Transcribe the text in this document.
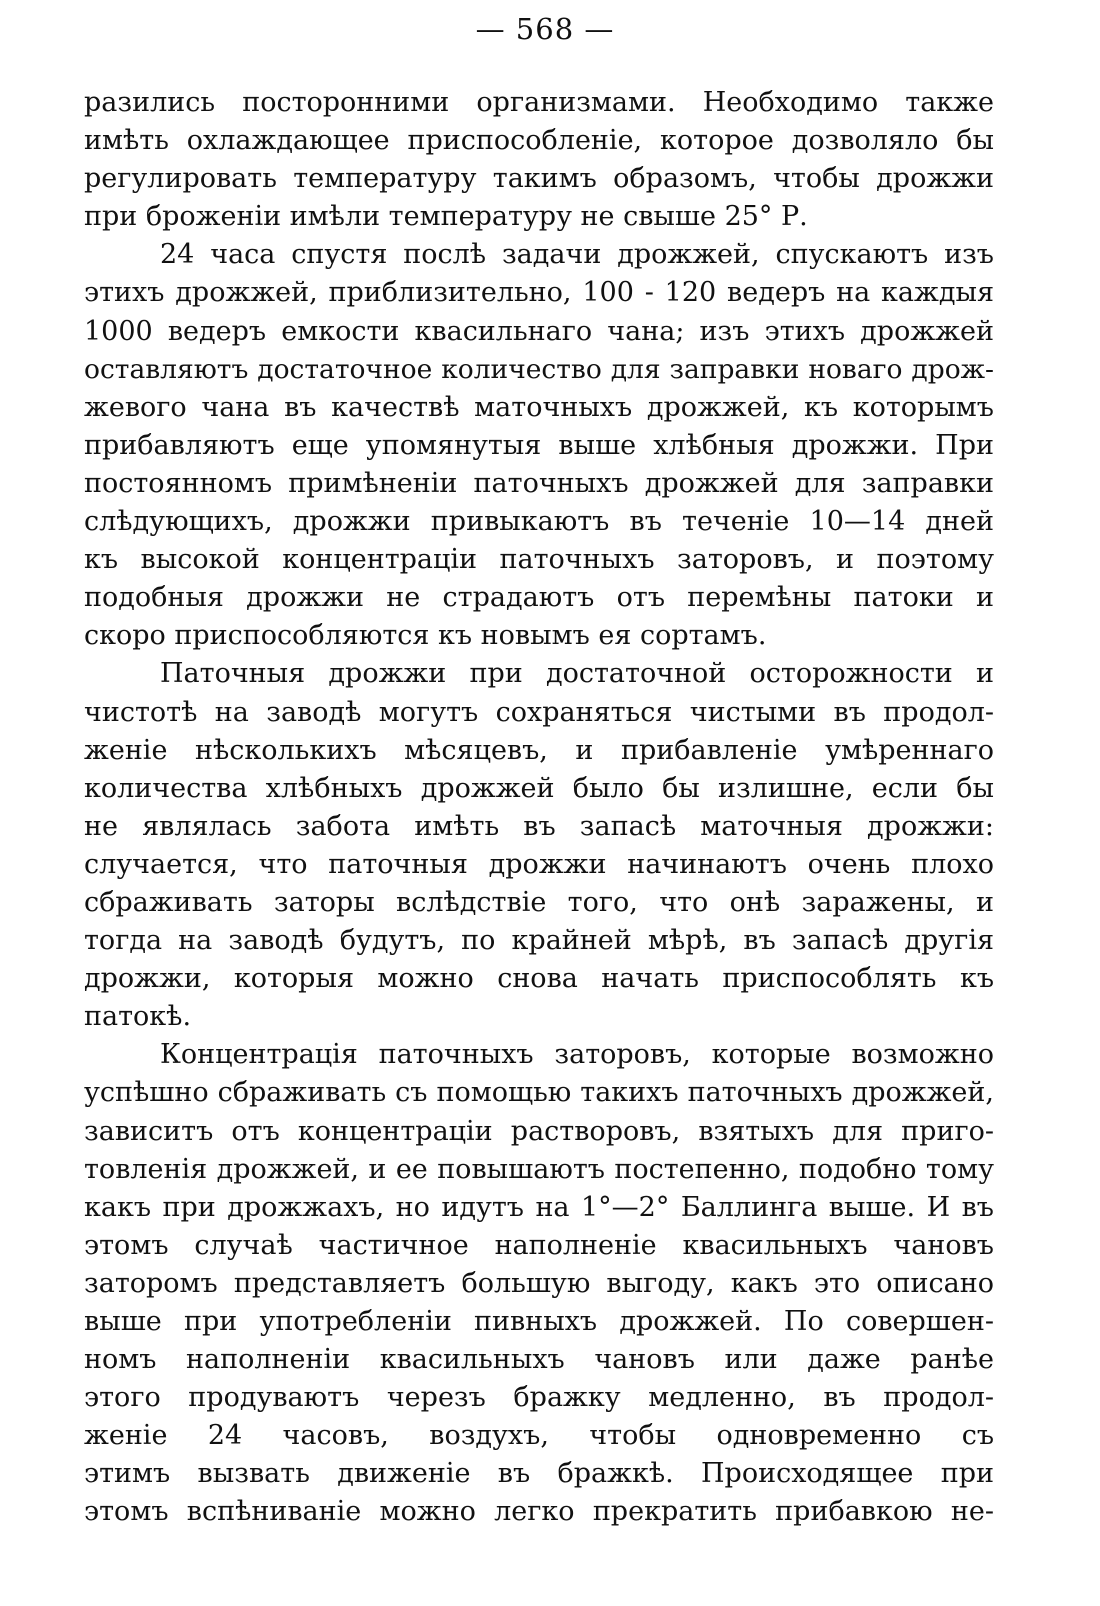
— 568 —
разились посторонними организмами. Необходимо также
имѣть охлаждающее приспособленіе, которое дозволяло бы
регулировать температуру такимъ образомъ, чтобы дрожжи
при броженіи имѣли температуру не свыше 25° Р.
24 часа спустя послѣ задачи дрожжей, спускаютъ изъ
этихъ дрожжей, приблизительно, 100 - 120 ведеръ на каждыя
1000 ведеръ емкости квасильнаго чана; изъ этихъ дрожжей
оставляютъ достаточное количество для заправки новаго дрож-
жевого чана въ качествѣ маточныхъ дрожжей, къ которымъ
прибавляютъ еще упомянутыя выше хлѣбныя дрожжи. При
постоянномъ примѣненіи паточныхъ дрожжей для заправки
слѣдующихъ, дрожжи привыкаютъ въ теченіе 10—14 дней
къ высокой концентраціи паточныхъ заторовъ, и поэтому
подобныя дрожжи не страдаютъ отъ перемѣны патоки и
скоро приспособляются къ новымъ ея сортамъ.
Паточныя дрожжи при достаточной осторожности и
чистотѣ на заводѣ могутъ сохраняться чистыми въ продол-
женіе нѣсколькихъ мѣсяцевъ, и прибавленіе умѣреннаго
количества хлѣбныхъ дрожжей было бы излишне, если бы
не являлась забота имѣть въ запасѣ маточныя дрожжи:
случается, что паточныя дрожжи начинаютъ очень плохо
сбраживать заторы вслѣдствіе того, что онѣ заражены, и
тогда на заводѣ будутъ, по крайней мѣрѣ, въ запасѣ другія
дрожжи, которыя можно снова начать приспособлять къ
патокѣ.
Концентрація паточныхъ заторовъ, которые возможно
успѣшно сбраживать съ помощью такихъ паточныхъ дрожжей,
зависитъ отъ концентраціи растворовъ, взятыхъ для приго-
товленія дрожжей, и ее повышаютъ постепенно, подобно тому
какъ при дрожжахъ, но идутъ на 1°—2° Баллинга выше. И въ
этомъ случаѣ частичное наполненіе квасильныхъ чановъ
заторомъ представляетъ большую выгоду, какъ это описано
выше при употребленіи пивныхъ дрожжей. По совершен-
номъ наполненіи квасильныхъ чановъ или даже ранѣе
этого продуваютъ черезъ бражку медленно, въ продол-
женіе 24 часовъ, воздухъ, чтобы одновременно съ
этимъ вызвать движеніе въ бражкѣ. Происходящее при
этомъ вспѣниваніе можно легко прекратить прибавкою не-
